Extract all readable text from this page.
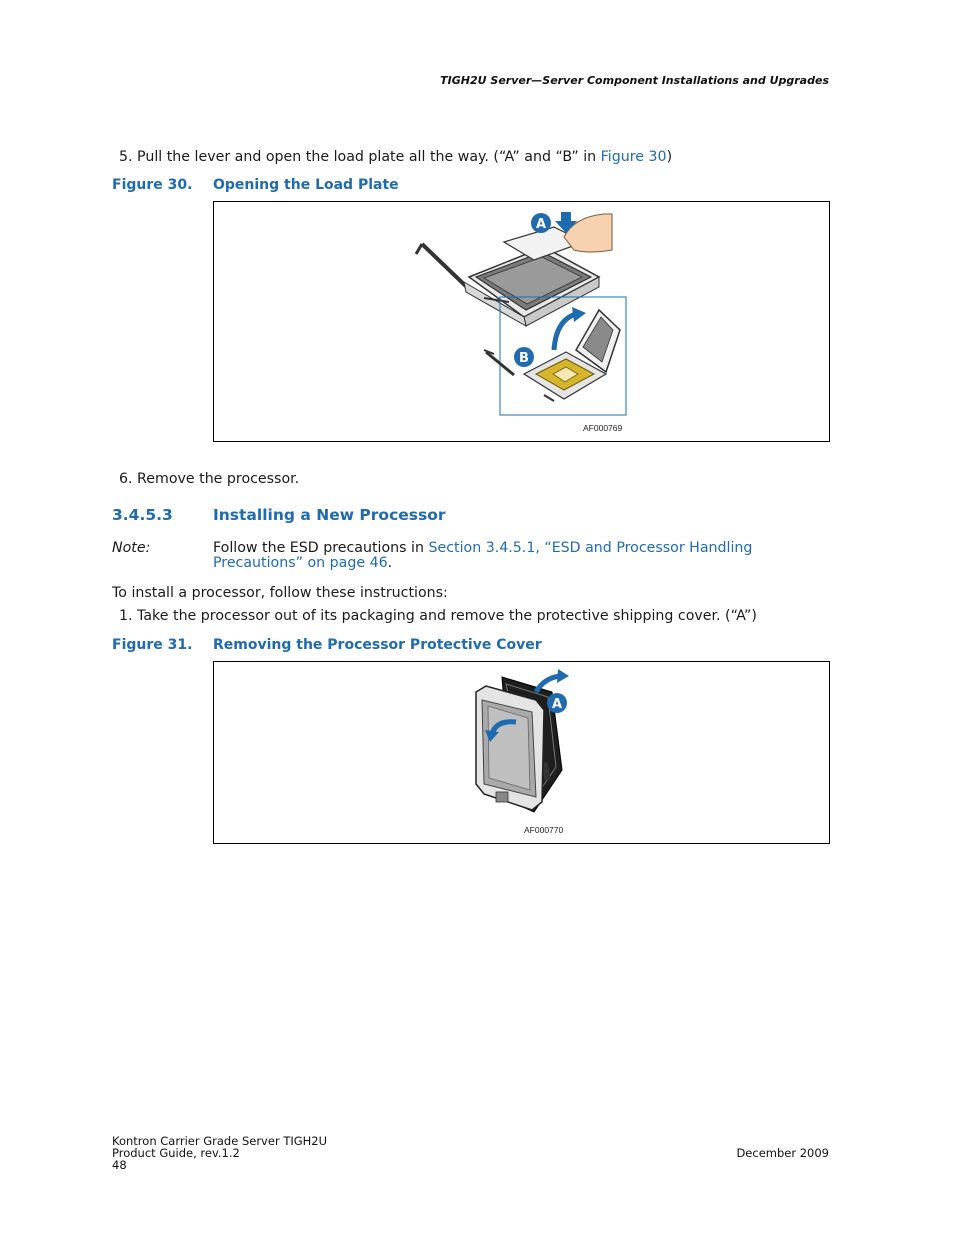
TIGH2U Server—Server Component Installations and Upgrades
5. Pull the lever and open the load plate all the way. (“A” and “B” in Figure 30)
Figure 30. Opening the Load Plate
A
B
AF000769
6. Remove the processor.
3.4.5.3	Installing a New Processor
Note:	Follow the ESD precautions in Section 3.4.5.1, “ESD and Processor Handling
Precautions” on page 46.
To install a processor, follow these instructions:
1. Take the processor out of its packaging and remove the protective shipping cover. (“A”)
Figure 31. Removing the Processor Protective Cover
A
AF000770
Kontron Carrier Grade Server TIGH2U
Product Guide, rev.1.2
48
December 2009
